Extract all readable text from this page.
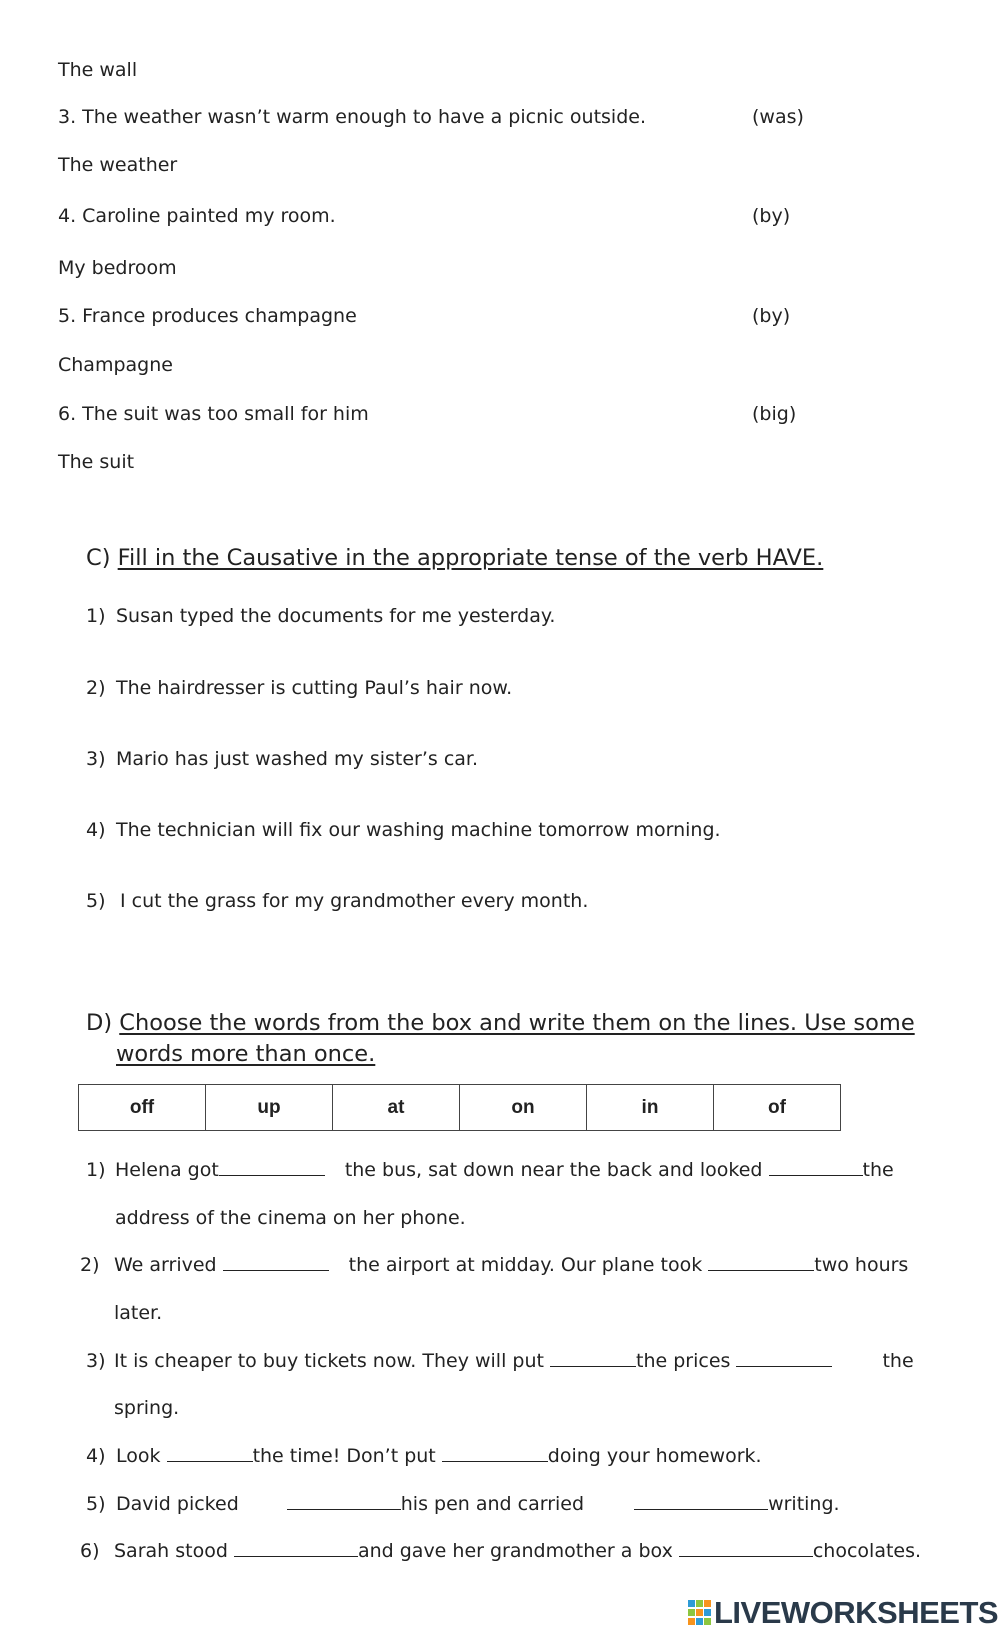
The wall
3. The weather wasn’t warm enough to have a picnic outside.	(was)
The weather
4. Caroline painted my room.	(by)
My bedroom
5. France produces champagne	(by)
Champagne
6. The suit was too small for him	(big)
The suit
C) Fill in the Causative in the appropriate tense of the verb HAVE.
1) Susan typed the documents for me yesterday.
2) The hairdresser is cutting Paul’s hair now.
3) Mario has just washed my sister’s car.
4) The technician will fix our washing machine tomorrow morning.
5) I cut the grass for my grandmother every month.
D) Choose the words from the box and write them on the lines. Use some
words more than once.
off	up	at	on	in	of
1) Helena got	the bus, sat down near the back and looked	the
address of the cinema on her phone.
2) We arrived	the airport at midday. Our plane took	two hours
later.
3) It is cheaper to buy tickets now. They will put	the prices	the
spring.
4) Look	the time! Don’t put	doing your homework.
5) David picked	his pen and carried	writing.
6) Sarah stood	and gave her grandmother a box	chocolates.
LIVEWORKSHEETS
